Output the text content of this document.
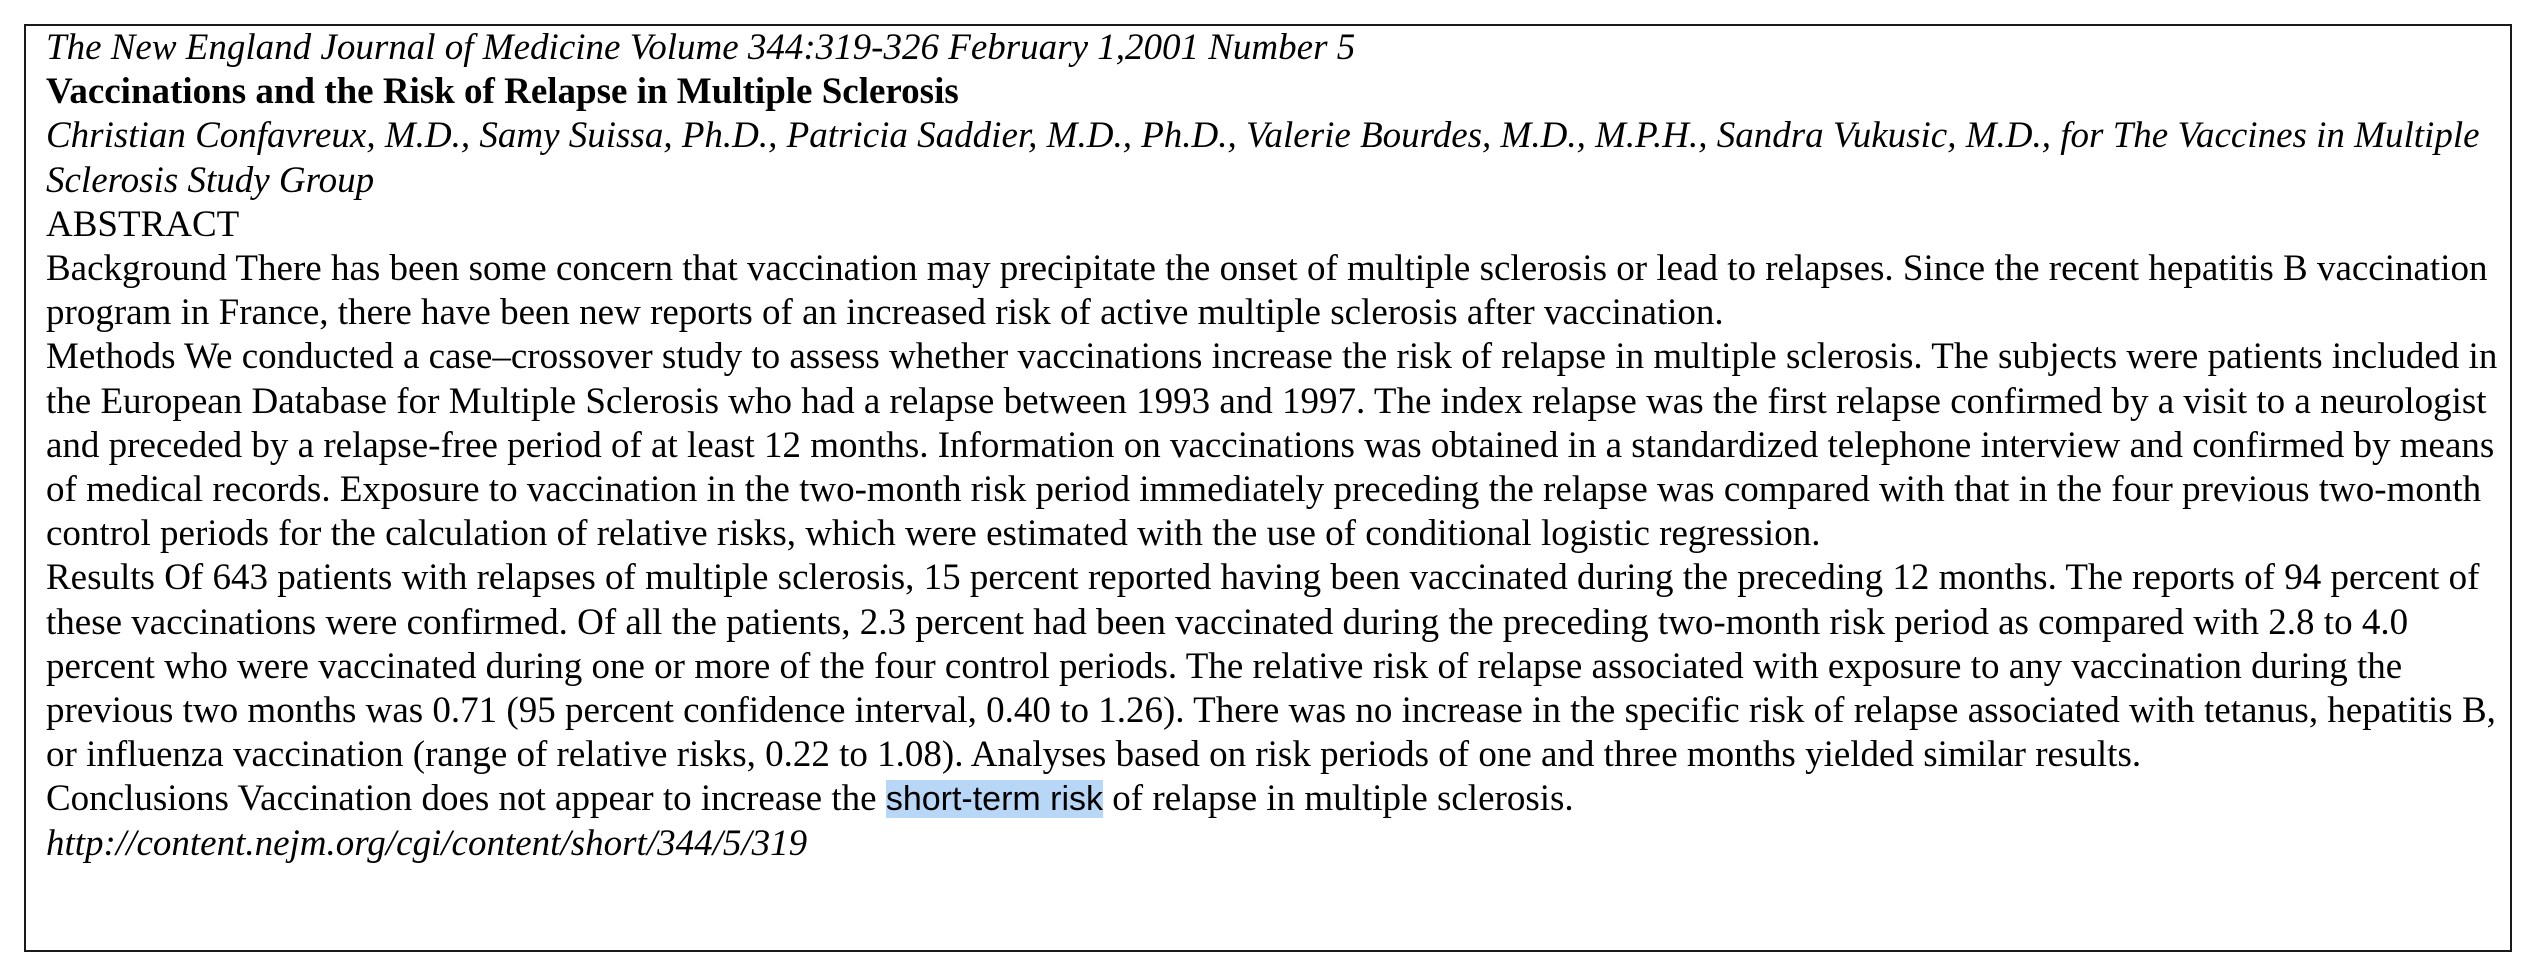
The New England Journal of Medicine Volume 344:319-326 February 1,2001 Number 5

Vaccinations and the Risk of Relapse in Multiple Sclerosis

Christian Confavreux, M.D., Samy Suissa, Ph.D., Patricia Saddier, M.D., Ph.D., Valerie Bourdes, M.D., M.P.H., Sandra Vukusic, M.D., for The Vaccines in Multiple Sclerosis Study Group

ABSTRACT

Background There has been some concern that vaccination may precipitate the onset of multiple sclerosis or lead to relapses. Since the recent hepatitis B vaccination program in France, there have been new reports of an increased risk of active multiple sclerosis after vaccination.

Methods We conducted a case–crossover study to assess whether vaccinations increase the risk of relapse in multiple sclerosis. The subjects were patients included in the European Database for Multiple Sclerosis who had a relapse between 1993 and 1997. The index relapse was the first relapse confirmed by a visit to a neurologist and preceded by a relapse-free period of at least 12 months. Information on vaccinations was obtained in a standardized telephone interview and confirmed by means of medical records. Exposure to vaccination in the two-month risk period immediately preceding the relapse was compared with that in the four previous two-month control periods for the calculation of relative risks, which were estimated with the use of conditional logistic regression.

Results Of 643 patients with relapses of multiple sclerosis, 15 percent reported having been vaccinated during the preceding 12 months. The reports of 94 percent of these vaccinations were confirmed. Of all the patients, 2.3 percent had been vaccinated during the preceding two-month risk period as compared with 2.8 to 4.0 percent who were vaccinated during one or more of the four control periods. The relative risk of relapse associated with exposure to any vaccination during the previous two months was 0.71 (95 percent confidence interval, 0.40 to 1.26). There was no increase in the specific risk of relapse associated with tetanus, hepatitis B, or influenza vaccination (range of relative risks, 0.22 to 1.08). Analyses based on risk periods of one and three months yielded similar results.

Conclusions Vaccination does not appear to increase the short-term risk of relapse in multiple sclerosis.

http://content.nejm.org/cgi/content/short/344/5/319
